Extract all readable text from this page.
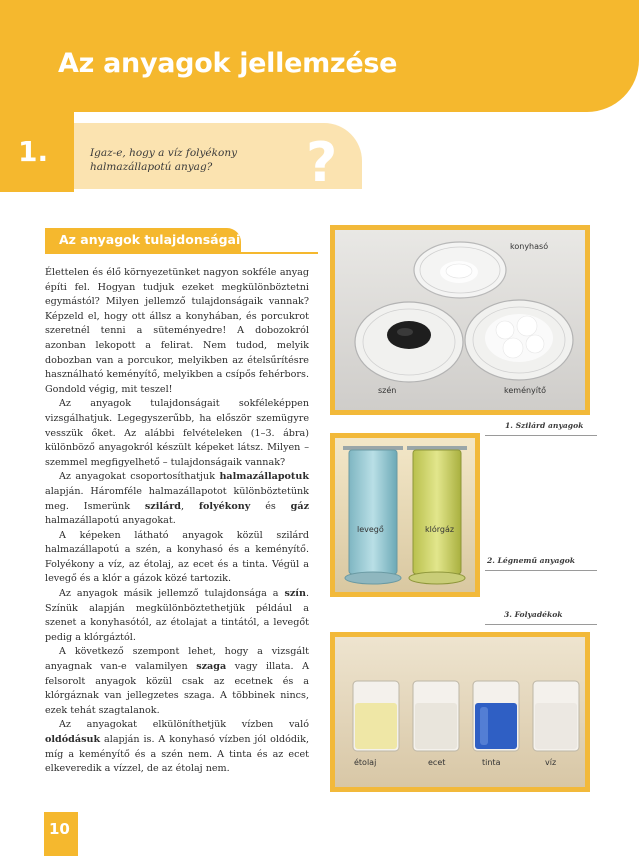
Az anyagok jellemzése
1.	Igaz-e, hogy a víz folyékony halmazállapotú anyag?	?
Az anyagok tulajdonságai

Élettelen és élő környezetünket nagyon sokféle anyag építi fel. Hogyan tudjuk ezeket megkülönböztetni egymástól? Milyen jellemző tulajdonságaik vannak? Képzeld el, hogy ott állsz a konyhában, és porcukrot szeretnél tenni a süteményedre! A dobozokról azonban lekopott a felirat. Nem tudod, melyik dobozban van a porcukor, melyikben az ételsűrítésre használható keményítő, melyikben a csípős fehérbors. Gondold végig, mit teszel!

Az anyagok tulajdonságait sokféleképpen vizsgálhatjuk. Legegyszerűbb, ha először szemügyre vesszük őket. Az alábbi felvételeken (1–3. ábra) különböző anyagokról készült képeket látsz. Milyen – szemmel megfigyelhető – tulajdonságaik vannak?

Az anyagokat csoportosíthatjuk halmazállapotuk alapján. Háromféle halmazállapotot különböztetünk meg. Ismerünk szilárd, folyékony és gáz halmazállapotú anyagokat.

A képeken látható anyagok közül szilárd halmazállapotú a szén, a konyhasó és a keményítő. Folyékony a víz, az étolaj, az ecet és a tinta. Végül a levegő és a klór a gázok közé tartozik.

Az anyagok másik jellemző tulajdonsága a szín. Színük alapján megkülönböztethetjük például a szenet a konyhasótól, az étolajat a tintától, a levegőt pedig a klórgáztól.

A következő szempont lehet, hogy a vizsgált anyagnak van-e valamilyen szaga vagy illata. A felsorolt anyagok közül csak az ecetnek és a klórgáznak van jellegzetes szaga. A többinek nincs, ezek tehát szagtalanok.

Az anyagokat elkülöníthetjük vízben való oldódásuk alapján is. A konyhasó vízben jól oldódik, míg a keményítő és a szén nem. A tinta és az ecet elkeveredik a vízzel, de az étolaj nem.

konyhasó
szén	keményítő
1. Szilárd anyagok
levegő	klórgáz
2. Légnemű anyagok
3. Folyadékok
étolaj	ecet	tinta	víz
10
